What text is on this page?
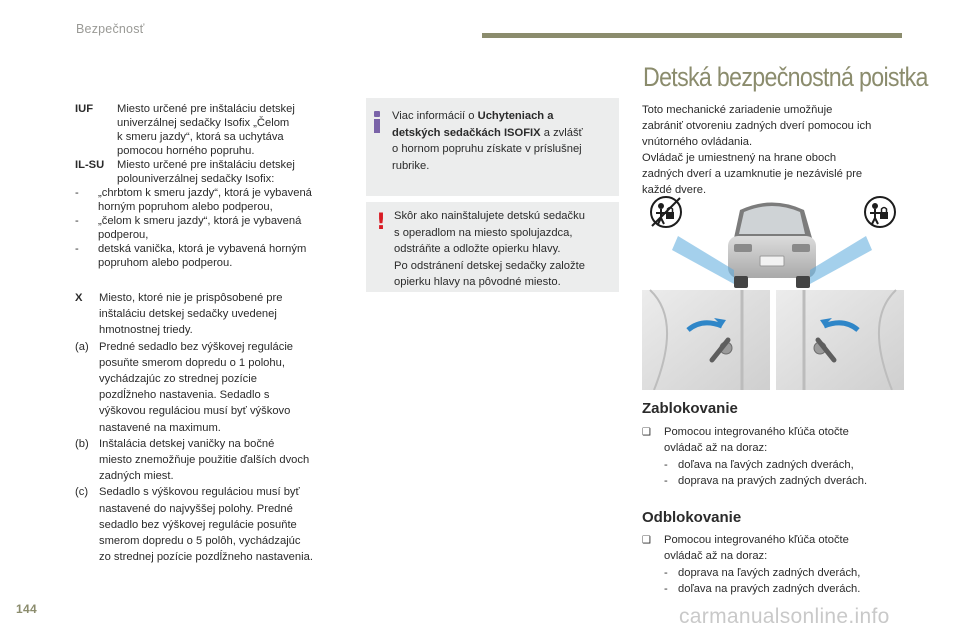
Bezpečnosť
IUF	Miesto určené pre inštaláciu detskej
univerzálnej sedačky Isofix „Čelom
k smeru jazdy“, ktorá sa uchytáva
pomocou horného popruhu.
IL-SU	Miesto určené pre inštaláciu detskej
polouniverzálnej sedačky Isofix:
-	„chrbtom k smeru jazdy“, ktorá je vybavená
horným popruhom alebo podperou,
-	„čelom k smeru jazdy“, ktorá je vybavená
podperou,
-	detská vanička, ktorá je vybavená horným
popruhom alebo podperou.
X	Miesto, ktoré nie je prispôsobené pre
inštaláciu detskej sedačky uvedenej
hmotnostnej triedy.
(a) Predné sedadlo bez výškovej regulácie
posuňte smerom dopredu o 1 polohu,
vychádzajúc zo strednej pozície
pozdĺžneho nastavenia. Sedadlo s
výškovou reguláciou musí byť výškovo
nastavené na maximum.
(b) Inštalácia detskej vaničky na bočné
miesto znemožňuje použitie ďalších dvoch
zadných miest.
(c) Sedadlo s výškovou reguláciou musí byť
nastavené do najvyššej polohy. Predné
sedadlo bez výškovej regulácie posuňte
smerom dopredu o 5 polôh, vychádzajúc
zo strednej pozície pozdĺžneho nastavenia.
Viac informácií o Uchyteniach a
detských sedačkách ISOFIX a zvlášť
o hornom popruhu získate v príslušnej
rubrike.
! Skôr ako nainštalujete detskú sedačku
s operadlom na miesto spolujazdca,
odstráňte a odložte opierku hlavy.
Po odstránení detskej sedačky založte
opierku hlavy na pôvodné miesto.
Detská bezpečnostná poistka
Toto mechanické zariadenie umožňuje
zabrániť otvoreniu zadných dverí pomocou ich
vnútorného ovládania.
Ovládač je umiestnený na hrane oboch
zadných dverí a uzamknutie je nezávislé pre
každé dvere.
Zablokovanie
❑	Pomocou integrovaného kľúča otočte
ovládač až na doraz:
- doľava na ľavých zadných dverách,
- doprava na pravých zadných dverách.
Odblokovanie
❑	Pomocou integrovaného kľúča otočte
ovládač až na doraz:
- doprava na ľavých zadných dverách,
- doľava na pravých zadných dverách.
144	carmanualsonline.info
